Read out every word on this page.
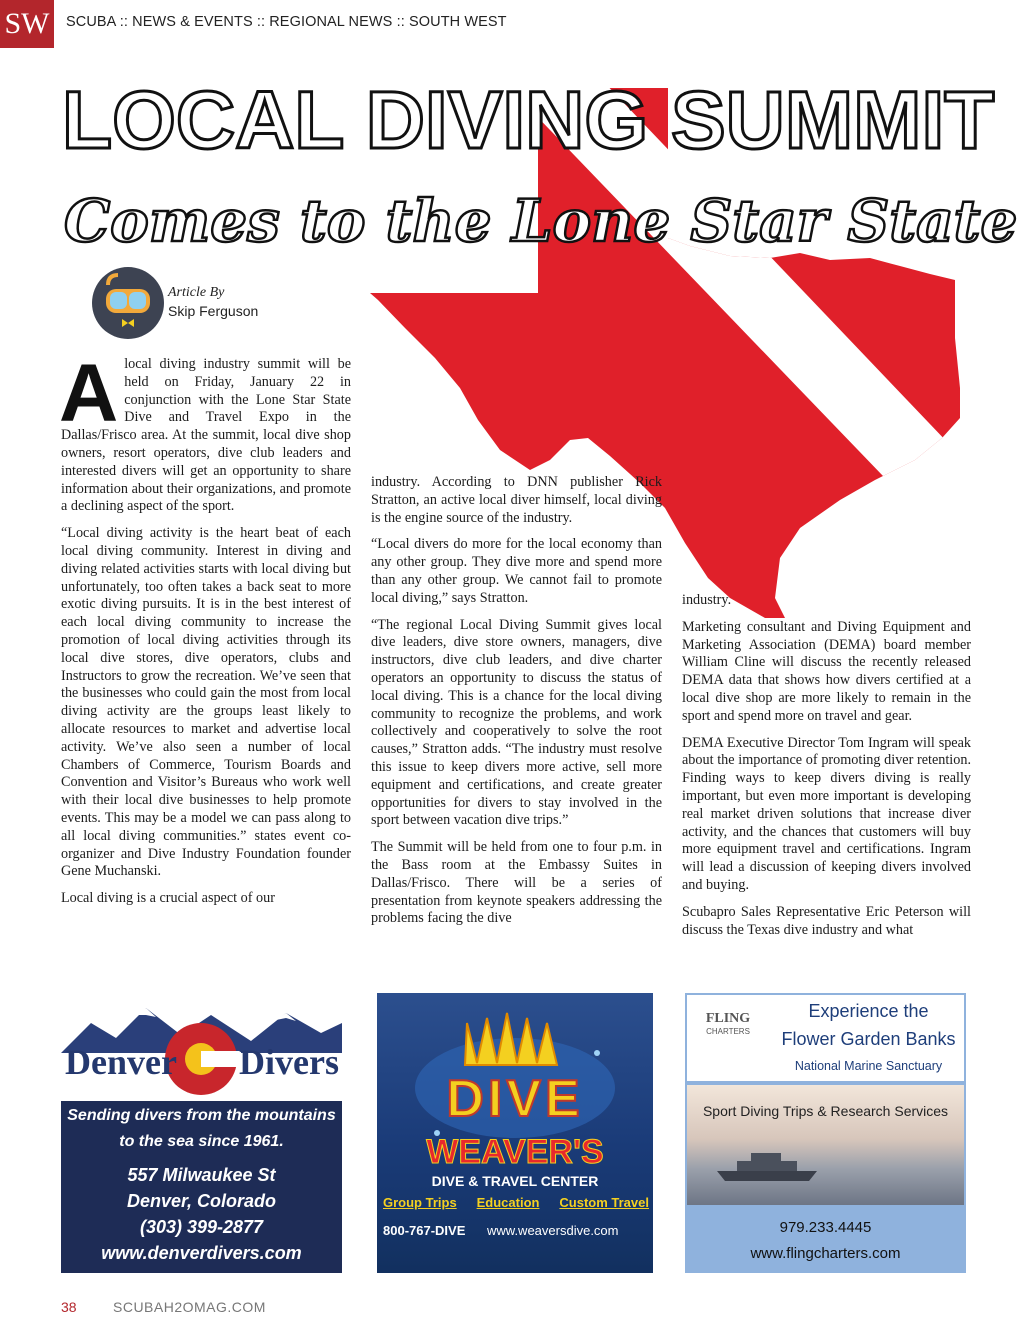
SW	SCUBA :: NEWS & EVENTS :: REGIONAL NEWS :: SOUTH WEST
LOCAL DIVING SUMMIT
Comes to the Lone Star State
Article By
Skip Ferguson

A local diving industry summit will be held on Friday, January 22 in conjunction with the Lone Star State Dive and Travel Expo in the Dallas/Frisco area. At the summit, local dive shop owners, resort operators, dive club leaders and interested divers will get an opportunity to share information about their organizations, and promote a declining aspect of the sport.

“Local diving activity is the heart beat of each local diving community. Interest in diving and diving related activities starts with local diving but unfortunately, too often takes a back seat to more exotic diving pursuits. It is in the best interest of each local diving community to increase the promotion of local diving activities through its local dive stores, dive operators, clubs and Instructors to grow the recreation. We’ve seen that the businesses who could gain the most from local diving activity are the groups least likely to allocate resources to market and advertise local activity. We’ve also seen a number of local Chambers of Commerce, Tourism Boards and Convention and Visitor’s Bureaus who work well with their local dive businesses to help promote events. This may be a model we can pass along to all local diving communities.” states event co-organizer and Dive Industry Foundation founder Gene Muchanski.

Local diving is a crucial aspect of our

industry. According to DNN publisher Rick Stratton, an active local diver himself, local diving is the engine source of the industry.

“Local divers do more for the local economy than any other group. They dive more and spend more than any other group. We cannot fail to promote local diving,” says Stratton.

“The regional Local Diving Summit gives local dive leaders, dive store owners, managers, dive instructors, dive club leaders, and dive charter operators an opportunity to discuss the status of local diving. This is a chance for the local diving community to recognize the problems, and work collectively and cooperatively to solve the root causes,” Stratton adds. “The industry must resolve this issue to keep divers more active, sell more equipment and certifications, and create greater opportunities for divers to stay involved in the sport between vacation dive trips.”

The Summit will be held from one to four p.m. in the Bass room at the Embassy Suites in Dallas/Frisco. There will be a series of presentation from keynote speakers addressing the problems facing the dive

industry.

Marketing consultant and Diving Equipment and Marketing Association (DEMA) board member William Cline will discuss the recently released DEMA data that shows how divers certified at a local dive shop are more likely to remain in the sport and spend more on travel and gear.

DEMA Executive Director Tom Ingram will speak about the importance of promoting diver retention. Finding ways to keep divers diving is really important, but even more important is developing real market driven solutions that increase diver activity, and the chances that customers will buy more equipment travel and certifications. Ingram will lead a discussion of keeping divers involved and buying.

Scubapro Sales Representative Eric Peterson will discuss the Texas dive industry and what

Denver Divers
Sending divers from the mountains
to the sea since 1961.
557 Milwaukee St
Denver, Colorado
(303) 399-2877
www.denverdivers.com
DIVE
WEAVER'S
DIVE & TRAVEL CENTER
Group Trips Education Custom Travel
800-767-DIVE www.weaversdive.com
FLING
CHARTERS
Experience the
Flower Garden Banks
National Marine Sanctuary
Sport Diving Trips & Research Services
979.233.4445
www.flingcharters.com
38	SCUBAH2OMAG.COM
